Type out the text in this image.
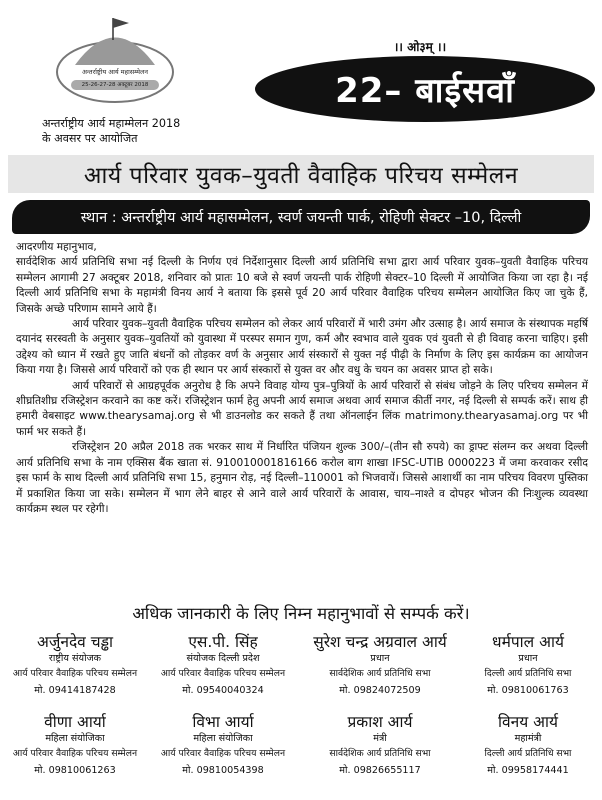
अन्तर्राष्ट्रीय आर्य महासम्मेलन
25-26-27-28 अक्टूबर 2018
।। ओ३म् ।।
22– बाईसवाँ
अन्तर्राष्ट्रीय आर्य महाम्मेलन 2018
के अवसर पर आयोजित
आर्य परिवार युवक–युवती वैवाहिक परिचय सम्मेलन
स्थान : अन्तर्राष्ट्रीय आर्य महासम्मेलन, स्वर्ण जयन्ती पार्क, रोहिणी सेक्टर –10, दिल्ली

आदरणीय महानुभाव,

सार्वदेशिक आर्य प्रतिनिधि सभा नई दिल्ली के निर्णय एवं निर्देशानुसार दिल्ली आर्य प्रतिनिधि सभा द्वारा आर्य परिवार युवक–युवती वैवाहिक परिचय सम्मेलन आगामी 27 अक्टूबर 2018, शनिवार को प्रातः 10 बजे से स्वर्ण जयन्ती पार्क रोहिणी सेक्टर–10 दिल्ली में आयोजित किया जा रहा है। नई दिल्ली आर्य प्रतिनिधि सभा के महामंत्री विनय आर्य ने बताया कि इससे पूर्व 20 आर्य परिवार वैवाहिक परिचय सम्मेलन आयोजित किए जा चुके हैं, जिसके अच्छे परिणाम सामने आये हैं।

आर्य परिवार युवक–युवती वैवाहिक परिचय सम्मेलन को लेकर आर्य परिवारों में भारी उमंग और उत्साह है। आर्य समाज के संस्थापक महर्षि दयानंद सरस्वती के अनुसार युवक–युवतियों को युवास्था में परस्पर समान गुण, कर्म और स्वभाव वाले युवक एवं युवती से ही विवाह करना चाहिए। इसी उद्देश्य को ध्यान में रखते हुए जाति बंधनों को तोड़कर वर्ण के अनुसार आर्य संस्कारों से युक्त नई पीढ़ी के निर्माण के लिए इस कार्यक्रम का आयोजन किया गया है। जिससे आर्य परिवारों को एक ही स्थान पर आर्य संस्कारों से युक्त वर और वधु के चयन का अवसर प्राप्त हो सके।

आर्य परिवारों से आग्रहपूर्वक अनुरोध है कि अपने विवाह योग्य पुत्र–पुत्रियों के आर्य परिवारों से संबंध जोड़ने के लिए परिचय सम्मेलन में शीघ्रतिशीघ्र रजिस्ट्रेशन करवाने का कष्ट करें। रजिस्ट्रेशन फार्म हेतु अपनी आर्य समाज अथवा आर्य समाज कीर्ती नगर, नई दिल्ली से सम्पर्क करें। साथ ही हमारी वेबसाइट www.thearysamaj.org से भी डाउनलोड कर सकते हैं तथा ऑनलाईन लिंक matrimony.thearyasamaj.org पर भी फार्म भर सकते हैं।

रजिस्ट्रेशन 20 अप्रैल 2018 तक भरकर साथ में निर्धारित पंजियन शुल्क 300/–(तीन सौ रुपये) का ड्राफ्ट संलग्न कर अथवा दिल्ली आर्य प्रतिनिधि सभा के नाम एक्सिस बैंक खाता सं. 910010001816166 करोल बाग शाखा IFSC-UTIB 0000223 में जमा करवाकर रसीद इस फार्म के साथ दिल्ली आर्य प्रतिनिधि सभा 15, हनुमान रोड़, नई दिल्ली–110001 को भिजवायें। जिससे आशार्थी का नाम परिचय विवरण पुस्तिका में प्रकाशित किया जा सके। सम्मेलन में भाग लेने बाहर से आने वाले आर्य परिवारों के आवास, चाय–नाश्ते व दोपहर भोजन की निःशुल्क व्यवस्था कार्यक्रम स्थल पर रहेगी।

अधिक जानकारी के लिए निम्न महानुभावों से सम्पर्क करें।
अर्जुनदेव चड्ढा
राष्ट्रीय संयोजक
आर्य परिवार वैवाहिक परिचय सम्मेलन
मो. 09414187428
एस.पी. सिंह
संयोजक दिल्ली प्रदेश
आर्य परिवार वैवाहिक परिचय सम्मेलन
मो. 09540040324
सुरेश चन्द्र अग्रवाल आर्य
प्रधान
सार्वदेशिक आर्य प्रतिनिधि सभा
मो. 09824072509
धर्मपाल आर्य
प्रधान
दिल्ली आर्य प्रतिनिधि सभा
मो. 09810061763
वीणा आर्या
महिला संयोजिका
आर्य परिवार वैवाहिक परिचय सम्मेलन
मो. 09810061263
विभा आर्या
महिला संयोजिका
आर्य परिवार वैवाहिक परिचय सम्मेलन
मो. 09810054398
प्रकाश आर्य
मंत्री
सार्वदेशिक आर्य प्रतिनिधि सभा
मो. 09826655117
विनय आर्य
महामंत्री
दिल्ली आर्य प्रतिनिधि सभा
मो. 09958174441
